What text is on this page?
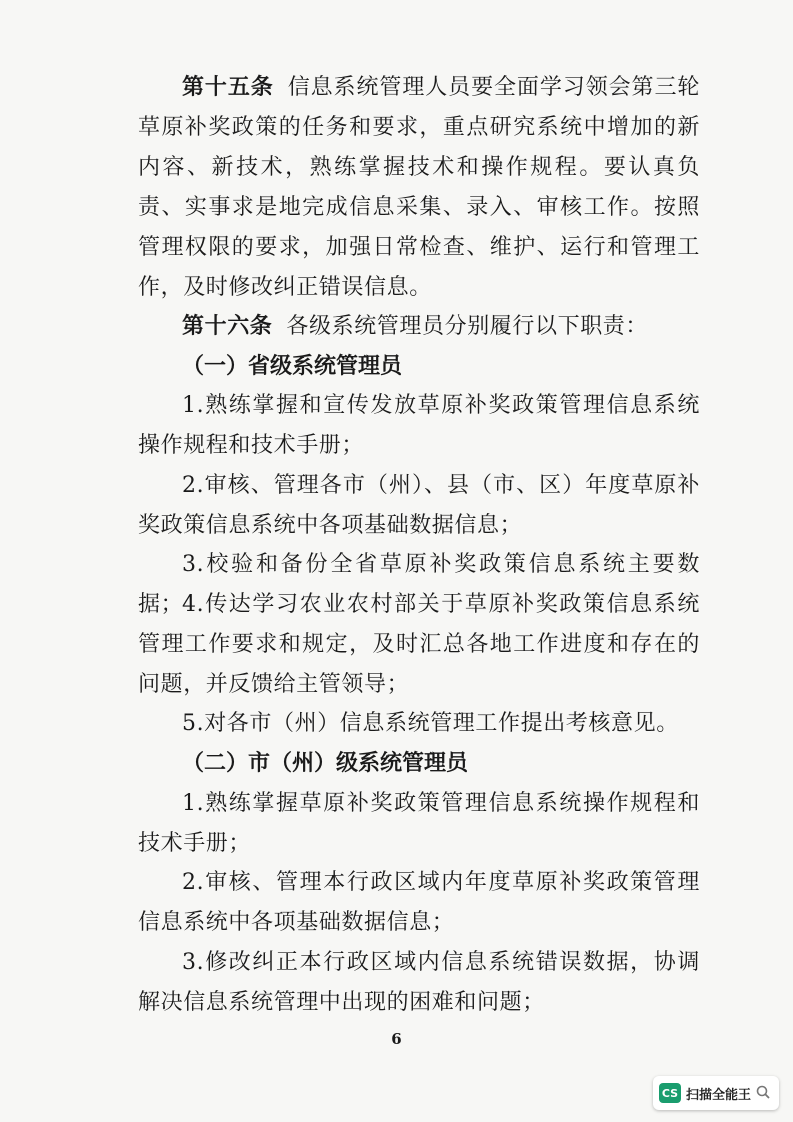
第十五条 信息系统管理人员要全面学习领会第三轮草原补奖政策的任务和要求，重点研究系统中增加的新内容、新技术，熟练掌握技术和操作规程。要认真负责、实事求是地完成信息采集、录入、审核工作。按照管理权限的要求，加强日常检查、维护、运行和管理工作，及时修改纠正错误信息。

第十六条 各级系统管理员分别履行以下职责：

（一）省级系统管理员

1.熟练掌握和宣传发放草原补奖政策管理信息系统操作规程和技术手册；

2.审核、管理各市（州）、县（市、区）年度草原补奖政策信息系统中各项基础数据信息；

3.校验和备份全省草原补奖政策信息系统主要数据；

4.传达学习农业农村部关于草原补奖政策信息系统管理工作要求和规定，及时汇总各地工作进度和存在的问题，并反馈给主管领导；

5.对各市（州）信息系统管理工作提出考核意见。

（二）市（州）级系统管理员

1.熟练掌握草原补奖政策管理信息系统操作规程和技术手册；

2.审核、管理本行政区域内年度草原补奖政策管理信息系统中各项基础数据信息；

3.修改纠正本行政区域内信息系统错误数据，协调解决信息系统管理中出现的困难和问题；

6
CS 扫描全能王
